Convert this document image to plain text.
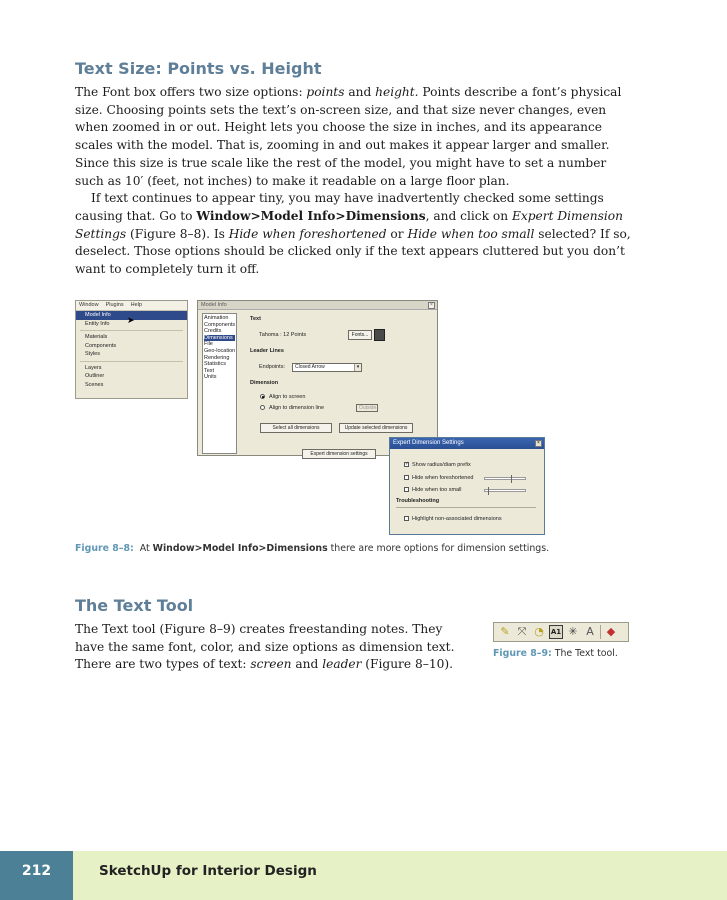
Text Size: Points vs. Height

The Font box offers two size options: points and height. Points describe a font’s physical size. Choosing points sets the text’s on-screen size, and that size never changes, even when zoomed in or out. Height lets you choose the size in inches, and its appearance scales with the model. That is, zooming in and out makes it appear larger and smaller. Since this size is true scale like the rest of the model, you might have to set a number such as 10′ (feet, not inches) to make it readable on a large floor plan.

If text continues to appear tiny, you may have inadvertently checked some settings causing that. Go to Window>Model Info>Dimensions, and click on Expert Dimension Settings (Figure 8–8). Is Hide when foreshortened or Hide when too small selected? If so, deselect. Those options should be clicked only if the text appears cluttered but you don’t want to completely turn it off.

Window Plugins Help
Model Info
Entity Info
Materials
Components
Styles
Layers
Outliner
Scenes
➤
Model Info	×
Animation
Components
Credits
Dimensions
File
Geo-location
Rendering
Statistics
Text
Units
Text
Tahoma : 12 Points	Fonts...
Leader Lines
Endpoints:	Closed Arrow	▾
Dimension
Align to screen
Align to dimension line	Outside
Select all dimensions	Update selected dimensions
Expert dimension settings
Expert Dimension Settings	×
✓ Show radius/diam prefix
Hide when foreshortened
Hide when too small
Troubleshooting
Highlight non-associated dimensions
Figure 8–8: At Window>Model Info>Dimensions there are more options for dimension settings.
The Text Tool

The Text tool (Figure 8–9) creates freestanding notes. They have the same font, color, and size options as dimension text. There are two types of text: screen and leader (Figure 8–10).

✎ ⤧ ◔	A1 ✳ A ◆
Figure 8–9: The Text tool.
212	SketchUp for Interior Design
